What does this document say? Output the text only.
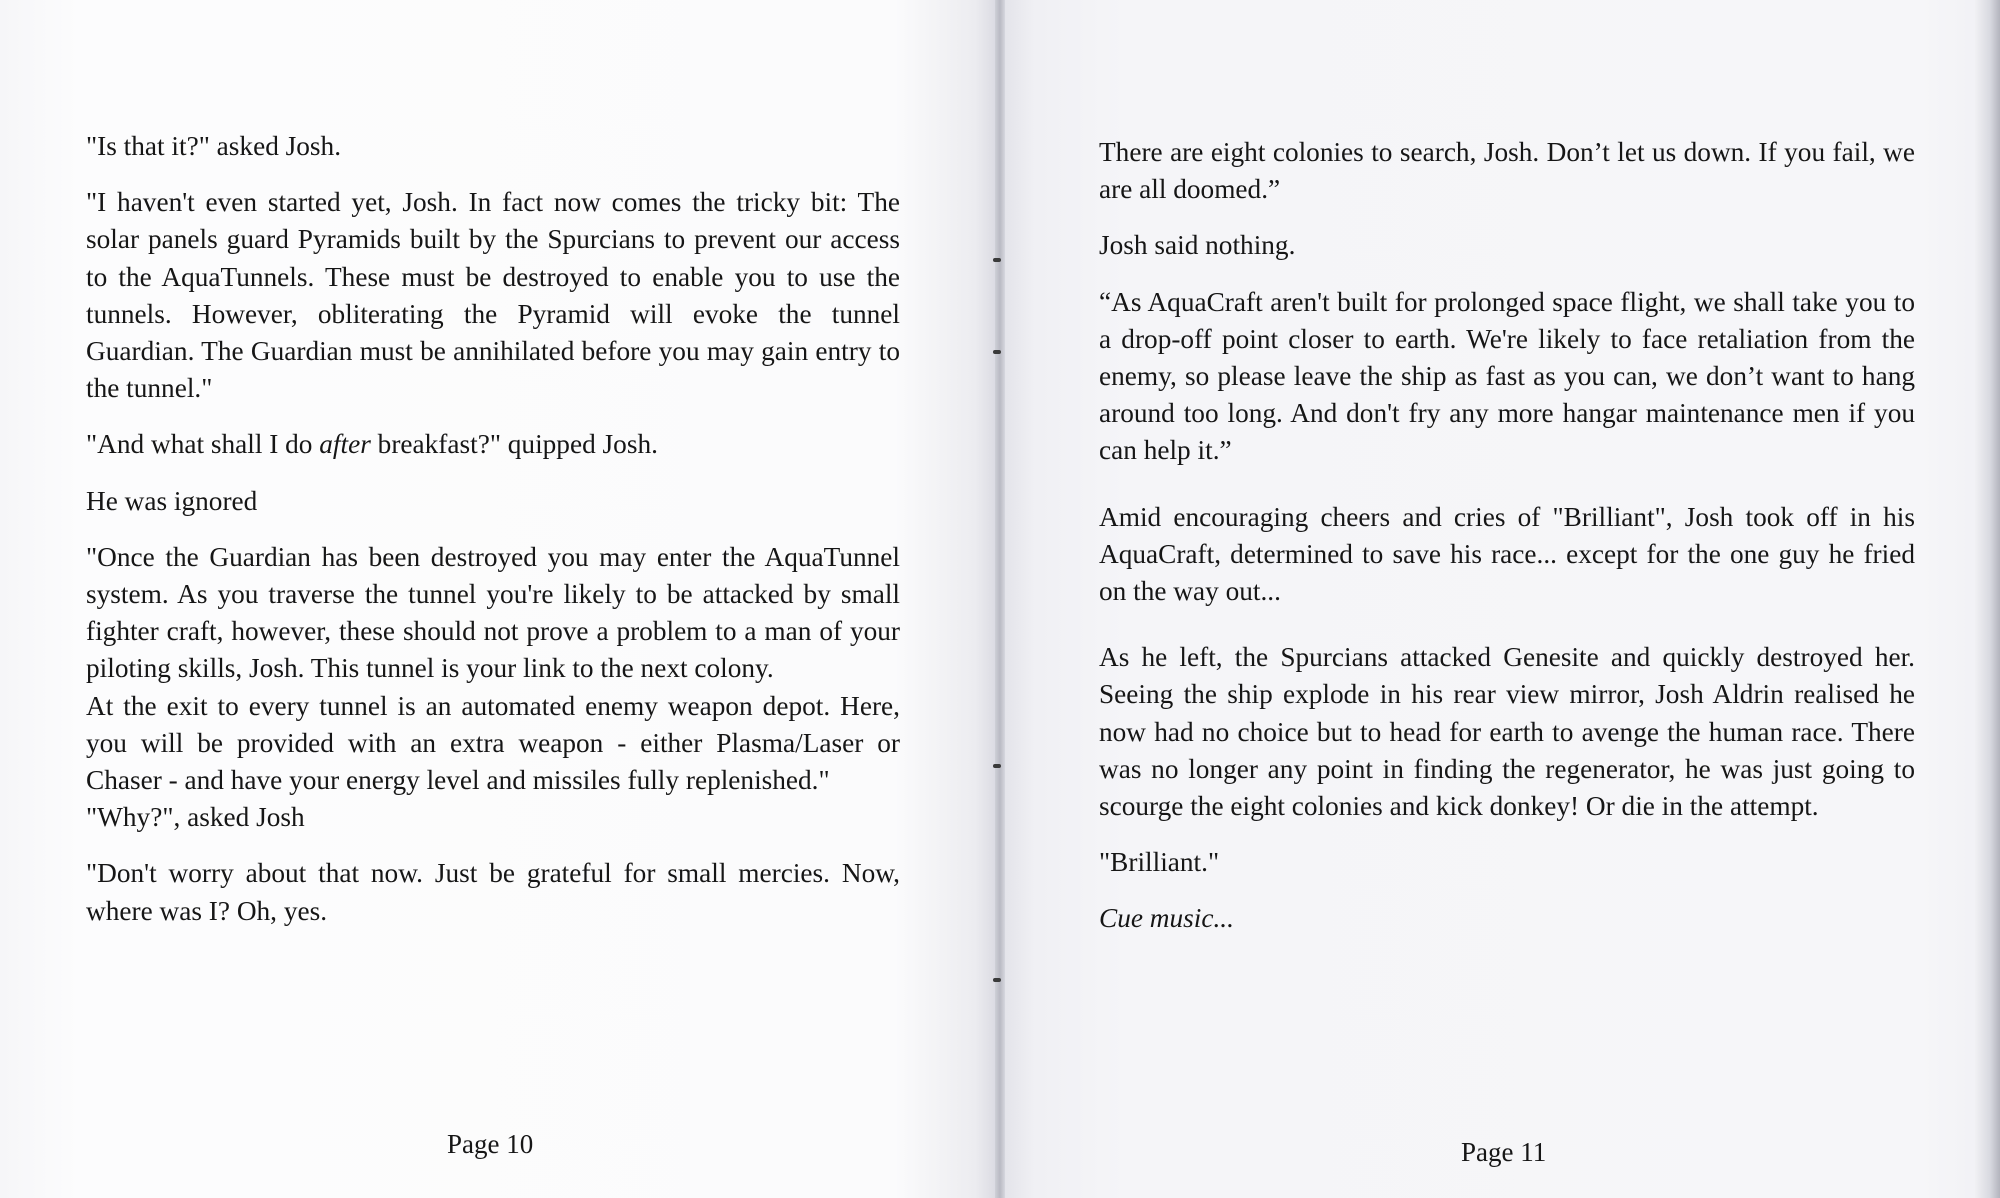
"Is that it?" asked Josh.

"I haven't even started yet, Josh. In fact now comes the tricky bit: The solar panels guard Pyramids built by the Spurcians to prevent our access to the AquaTunnels. These must be destroyed to enable you to use the tunnels. However, obliterating the Pyramid will evoke the tunnel Guardian. The Guardian must be annihilated before you may gain entry to the tunnel."

"And what shall I do after breakfast?" quipped Josh.

He was ignored

"Once the Guardian has been destroyed you may enter the AquaTunnel system. As you traverse the tunnel you're likely to be attacked by small fighter craft, however, these should not prove a problem to a man of your piloting skills, Josh. This tunnel is your link to the next colony.

At the exit to every tunnel is an automated enemy weapon depot. Here, you will be provided with an extra weapon - either Plasma/Laser or Chaser - and have your energy level and missiles fully replenished."

"Why?", asked Josh

"Don't worry about that now. Just be grateful for small mercies. Now, where was I? Oh, yes.

Page 10	Page 11

There are eight colonies to search, Josh. Don’t let us down. If you fail, we are all doomed.”

Josh said nothing.

“As AquaCraft aren't built for prolonged space flight, we shall take you to a drop-off point closer to earth. We're likely to face retaliation from the enemy, so please leave the ship as fast as you can, we don’t want to hang around too long. And don't fry any more hangar maintenance men if you can help it.”

Amid encouraging cheers and cries of "Brilliant", Josh took off in his AquaCraft, determined to save his race... except for the one guy he fried on the way out...

As he left, the Spurcians attacked Genesite and quickly destroyed her. Seeing the ship explode in his rear view mirror, Josh Aldrin realised he now had no choice but to head for earth to avenge the human race. There was no longer any point in finding the regenerator, he was just going to scourge the eight colonies and kick donkey! Or die in the attempt.

"Brilliant."

Cue music...
